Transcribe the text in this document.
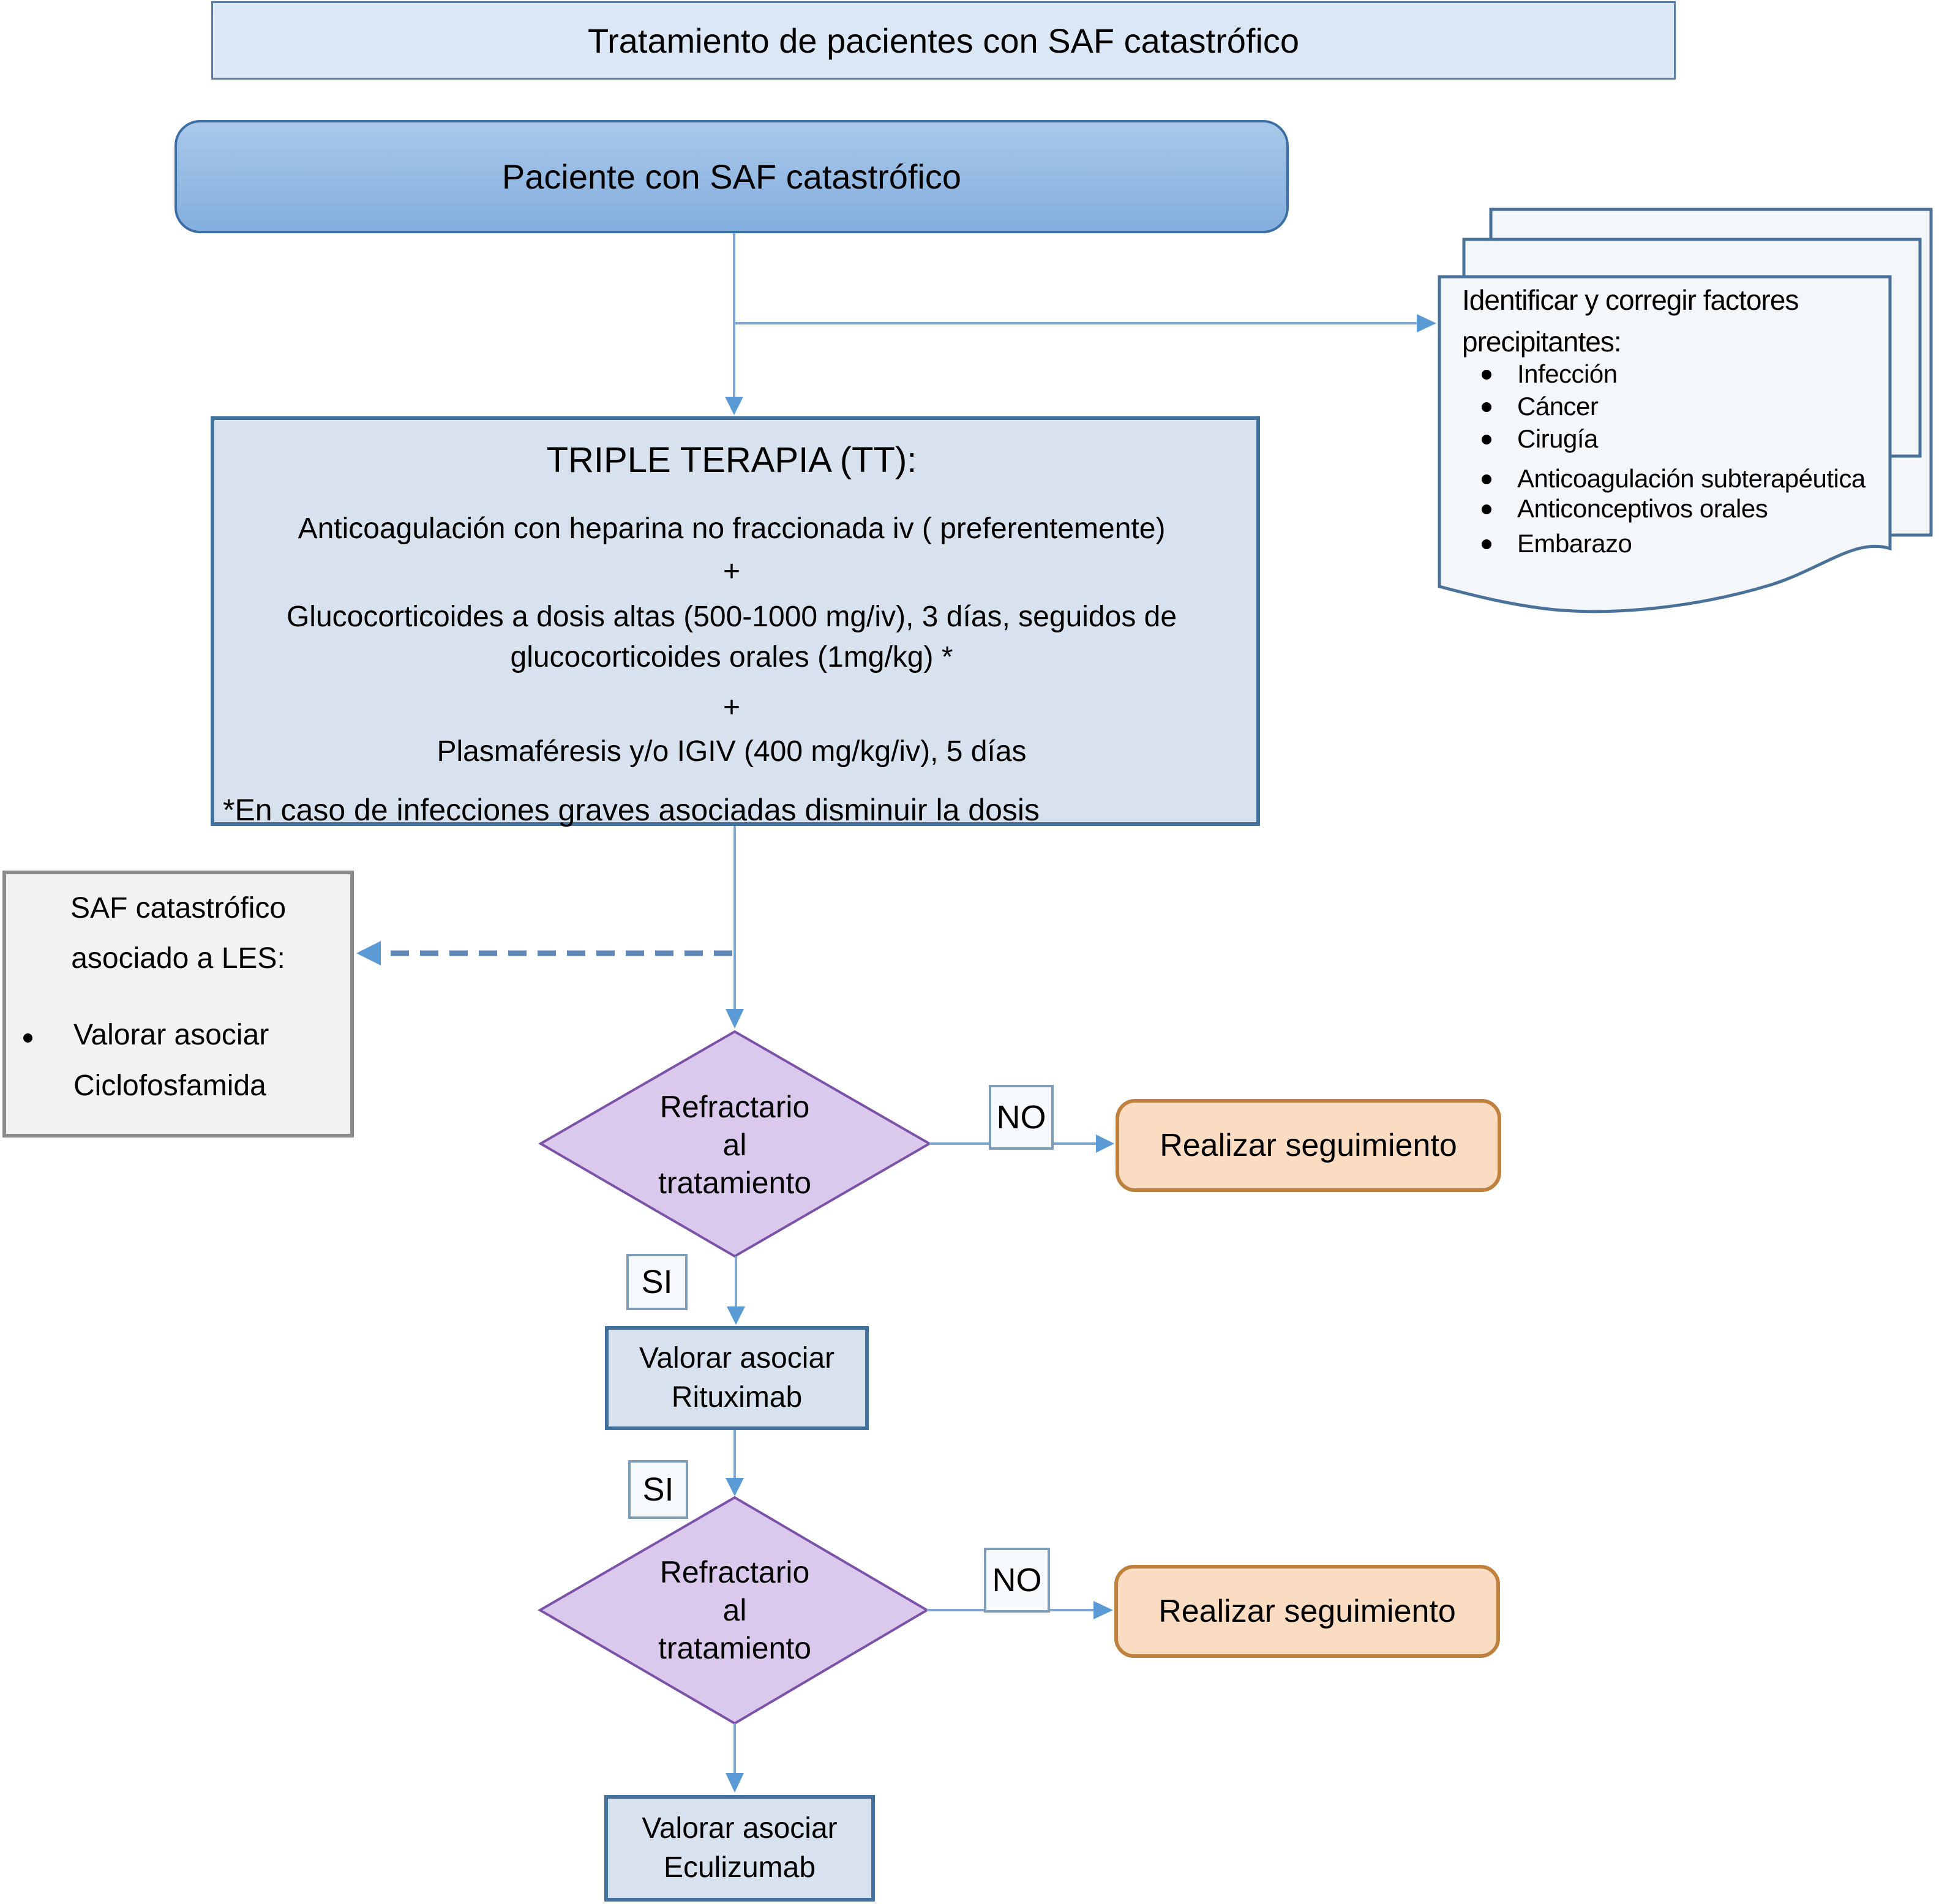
Tratamiento de pacientes con SAF catastrófico
Paciente con SAF catastrófico
Identificar y corregir factores
precipitantes:
Infección
Cáncer
Cirugía
Anticoagulación subterapéutica
Anticonceptivos orales
Embarazo
TRIPLE TERAPIA (TT):
Anticoagulación con heparina no fraccionada iv ( preferentemente)
+
Glucocorticoides a dosis altas (500-1000 mg/iv), 3 días, seguidos de
glucocorticoides orales (1mg/kg) *
+
Plasmaféresis y/o IGIV (400 mg/kg/iv), 5 días
*En caso de infecciones graves asociadas disminuir la dosis
SAF catastrófico
asociado a LES:
Valorar asociar
Ciclofosfamida
Refractario
al
tratamiento
NO
SI
SI
NO
Realizar seguimiento
Realizar seguimiento
Valorar asociar
Rituximab
Refractario
al
tratamiento
Valorar asociar
Eculizumab
